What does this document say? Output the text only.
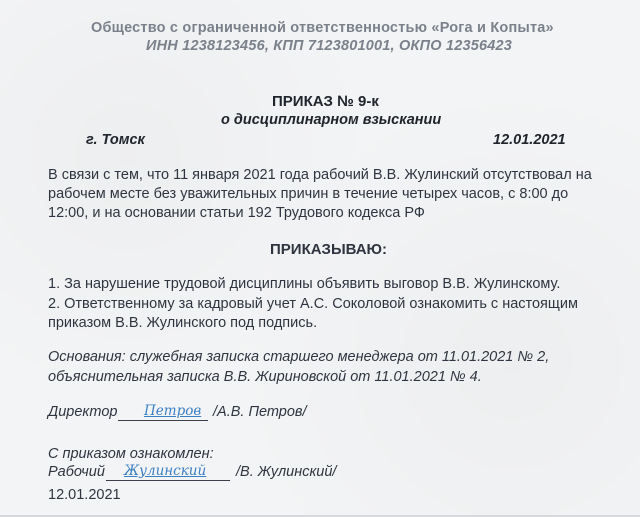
Общество с ограниченной ответственностью «Рога и Копыта»
ИНН 1238123456, КПП 7123801001, ОКПО 12356423
ПРИКАЗ № 9-к
о дисциплинарном взыскании
г. Томск	12.01.2021
В связи с тем, что 11 января 2021 года рабочий В.В. Жулинский отсутствовал на
рабочем месте без уважительных причин в течение четырех часов, с 8:00 до
12:00, и на основании статьи 192 Трудового кодекса РФ
ПРИКАЗЫВАЮ:
1. За нарушение трудовой дисциплины объявить выговор В.В. Жулинскому.
2. Ответственному за кадровый учет А.С. Соколовой ознакомить с настоящим
приказом В.В. Жулинского под подпись.
Основания: служебная записка старшего менеджера от 11.01.2021 № 2,
объяснительная записка В.В. Жириновской от 11.01.2021 № 4.
Директор Петров /А.В. Петров/
С приказом ознакомлен:
Рабочий Жулинский /В. Жулинский/
12.01.2021
